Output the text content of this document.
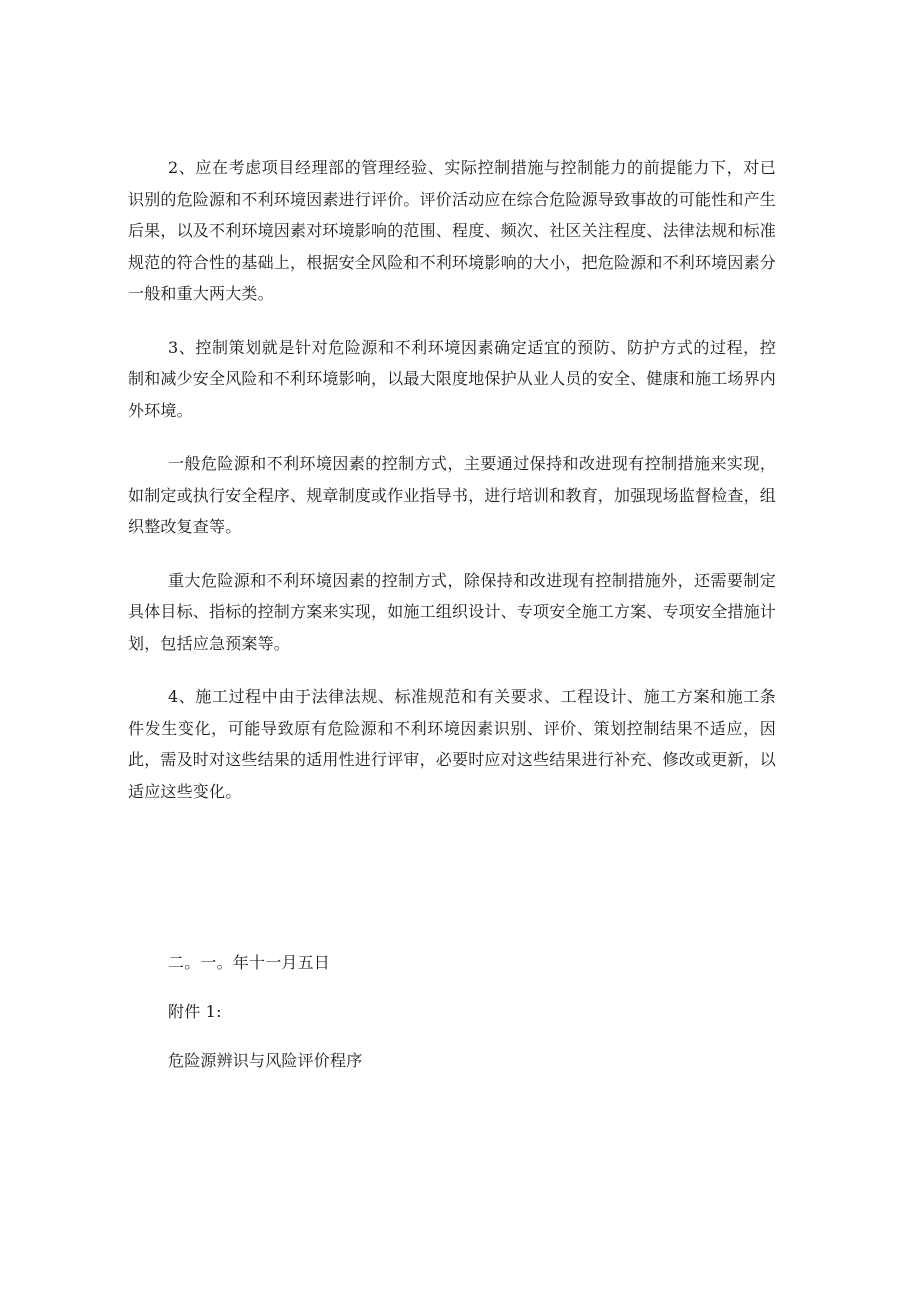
2、应在考虑项目经理部的管理经验、实际控制措施与控制能力的前提能力下，对已识别的危险源和不利环境因素进行评价。评价活动应在综合危险源导致事故的可能性和产生后果，以及不利环境因素对环境影响的范围、程度、频次、社区关注程度、法律法规和标准规范的符合性的基础上，根据安全风险和不利环境影响的大小，把危险源和不利环境因素分一般和重大两大类。

3、控制策划就是针对危险源和不利环境因素确定适宜的预防、防护方式的过程，控制和减少安全风险和不利环境影响，以最大限度地保护从业人员的安全、健康和施工场界内外环境。

一般危险源和不利环境因素的控制方式，主要通过保持和改进现有控制措施来实现，如制定或执行安全程序、规章制度或作业指导书，进行培训和教育，加强现场监督检查，组织整改复查等。

重大危险源和不利环境因素的控制方式，除保持和改进现有控制措施外，还需要制定具体目标、指标的控制方案来实现，如施工组织设计、专项安全施工方案、专项安全措施计划，包括应急预案等。

4、施工过程中由于法律法规、标准规范和有关要求、工程设计、施工方案和施工条件发生变化，可能导致原有危险源和不利环境因素识别、评价、策划控制结果不适应，因此，需及时对这些结果的适用性进行评审，必要时应对这些结果进行补充、修改或更新，以适应这些变化。

二。一。年十一月五日

附件 1:

危险源辨识与风险评价程序
